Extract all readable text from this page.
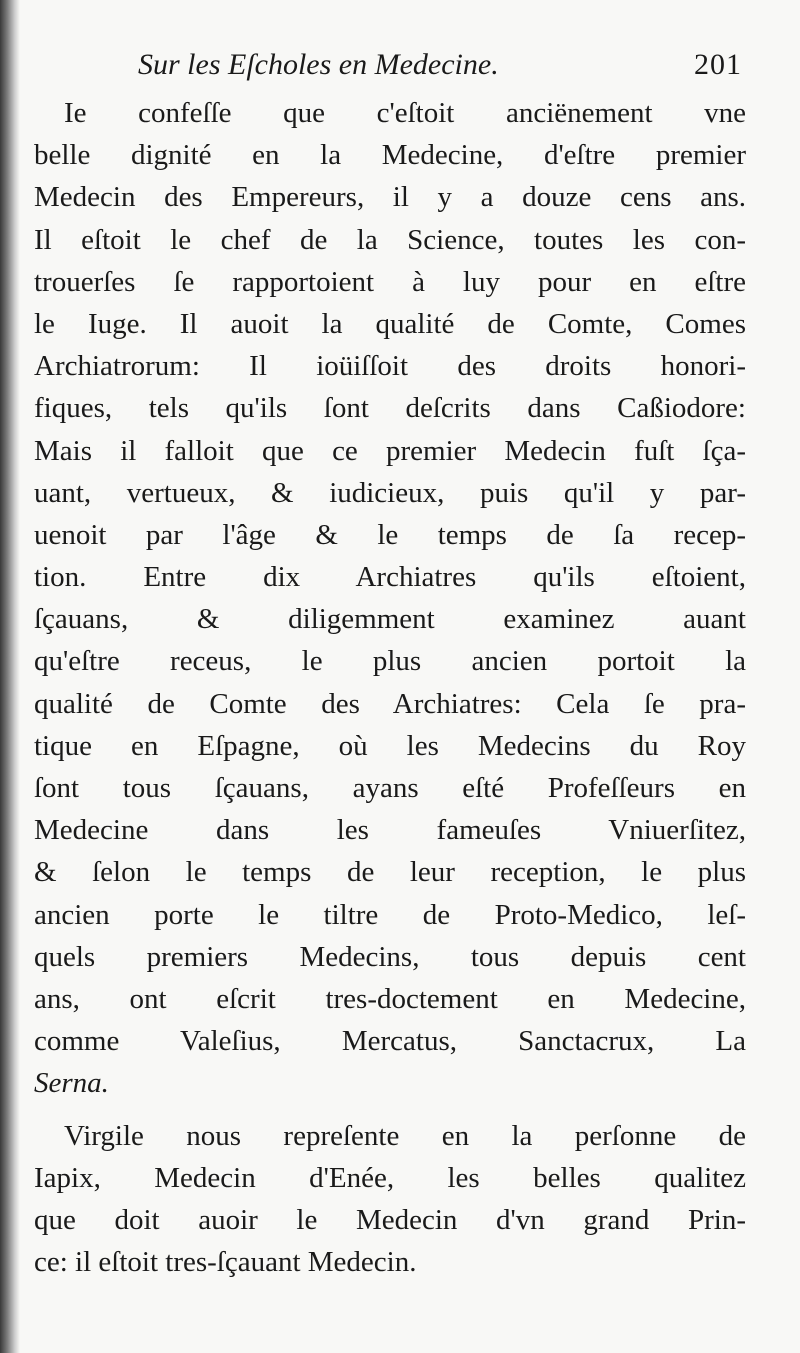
Sur les Eſcholes en Medecine.	201
Ie confeſſe que c'eſtoit anciënement vne
belle dignité en la Medecine, d'eſtre premier
Medecin des Empereurs, il y a douze cens ans.
Il eſtoit le chef de la Science, toutes les con-
trouerſes ſe rapportoient à luy pour en eſtre
le Iuge. Il auoit la qualité de Comte, Comes
Archiatrorum: Il ioüiſſoit des droits honori-
fiques, tels qu'ils ſont deſcrits dans Caßiodore:
Mais il falloit que ce premier Medecin fuſt ſça-
uant, vertueux, & iudicieux, puis qu'il y par-
uenoit par l'âge & le temps de ſa recep-
tion. Entre dix Archiatres qu'ils eſtoient,
ſçauans, & diligemment examinez auant
qu'eſtre receus, le plus ancien portoit la
qualité de Comte des Archiatres: Cela ſe pra-
tique en Eſpagne, où les Medecins du Roy
ſont tous ſçauans, ayans eſté Profeſſeurs en
Medecine dans les fameuſes Vniuerſitez,
& ſelon le temps de leur reception, le plus
ancien porte le tiltre de Proto-Medico, leſ-
quels premiers Medecins, tous depuis cent
ans, ont eſcrit tres-doctement en Medecine,
comme Valeſius, Mercatus, Sanctacrux, La
Serna.
Virgile nous repreſente en la perſonne de
Iapix, Medecin d'Enée, les belles qualitez
que doit auoir le Medecin d'vn grand Prin-
ce: il eſtoit tres-ſçauant Medecin.
